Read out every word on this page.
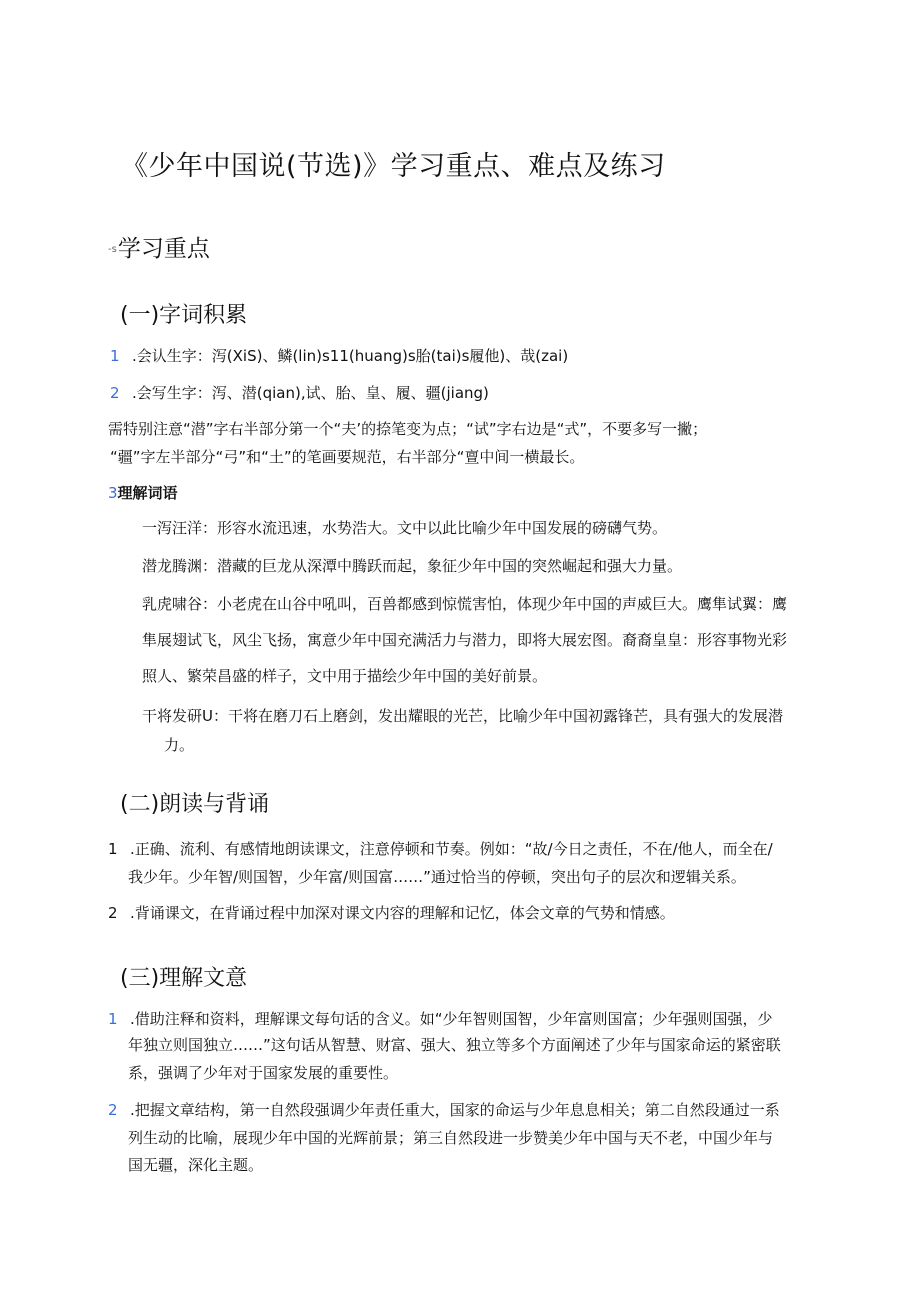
《少年中国说(节选)》学习重点、难点及练习
-s学习重点
(一)字词积累
1 .会认生字：泻(XiS)、鳞(lin)s11(huang)s胎(tai)s履他)、哉(zai)
2 .会写生字：泻、潜(qian),试、胎、皇、履、疆(jiang)
需特别注意“潜”字右半部分第一个“夫’的捺笔变为点；“试”字右边是“式”，不要多写一撇；
“疆”字左半部分“弓”和“土”的笔画要规范，右半部分“亶中间一横最长。
3理解词语
一泻汪洋：形容水流迅速，水势浩大。文中以此比喻少年中国发展的磅礴气势。
潜龙腾渊：潜藏的巨龙从深潭中腾跃而起，象征少年中国的突然崛起和强大力量。
乳虎啸谷：小老虎在山谷中吼叫，百兽都感到惊慌害怕，体现少年中国的声威巨大。鹰隼试翼：鹰
隼展翅试飞，风尘飞扬，寓意少年中国充满活力与潜力，即将大展宏图。裔裔皇皇：形容事物光彩
照人、繁荣昌盛的样子，文中用于描绘少年中国的美好前景。
干将发研U：干将在磨刀石上磨剑，发出耀眼的光芒，比喻少年中国初露锋芒，具有强大的发展潜
力。
(二)朗读与背诵
1 .正确、流利、有感情地朗读课文，注意停顿和节奏。例如：“故/今日之责任，不在/他人，而全在/
我少年。少年智/则国智，少年富/则国富……”通过恰当的停顿，突出句子的层次和逻辑关系。
2 .背诵课文，在背诵过程中加深对课文内容的理解和记忆，体会文章的气势和情感。
(三)理解文意
1 .借助注释和资料，理解课文每句话的含义。如“少年智则国智，少年富则国富；少年强则国强，少
年独立则国独立……”这句话从智慧、财富、强大、独立等多个方面阐述了少年与国家命运的紧密联
系，强调了少年对于国家发展的重要性。
2 .把握文章结构，第一自然段强调少年责任重大，国家的命运与少年息息相关；第二自然段通过一系
列生动的比喻，展现少年中国的光辉前景；第三自然段进一步赞美少年中国与天不老，中国少年与
国无疆，深化主题。
